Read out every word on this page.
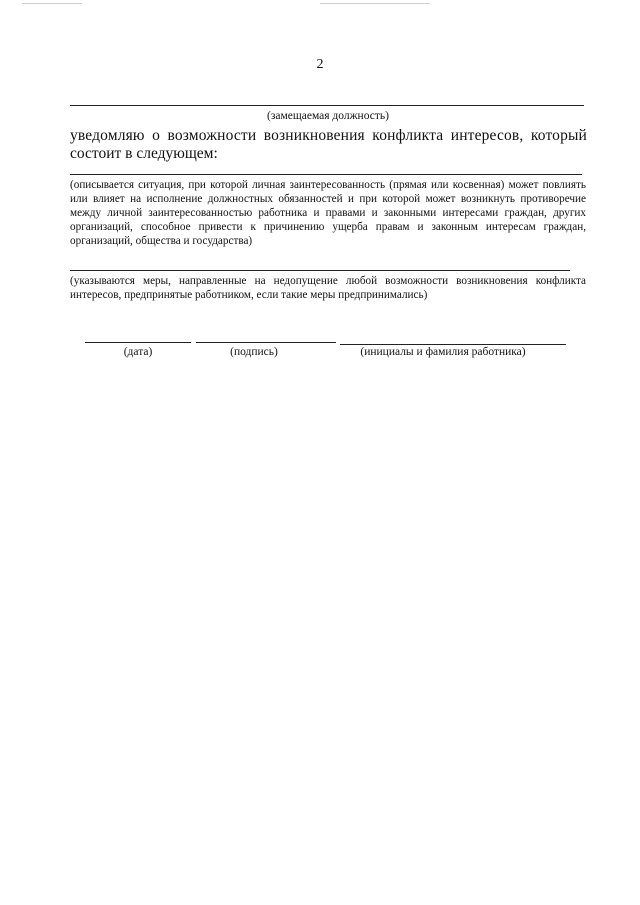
2
(замещаемая должность)
уведомляю о возможности возникновения конфликта интересов, который
состоит в следующем:
(описывается ситуация, при которой личная заинтересованность (прямая или косвенная) может повлиять или влияет на исполнение должностных обязанностей и при которой может возникнуть противоречие между личной заинтересованностью работника и правами и законными интересами граждан, других организаций, способное привести к причинению ущерба правам и законным интересам граждан, организаций, общества и государства)
(указываются меры, направленные на недопущение любой возможности возникновения конфликта интересов, предпринятые работником, если такие меры предпринимались)
(дата)	(подпись)	(инициалы и фамилия работника)
